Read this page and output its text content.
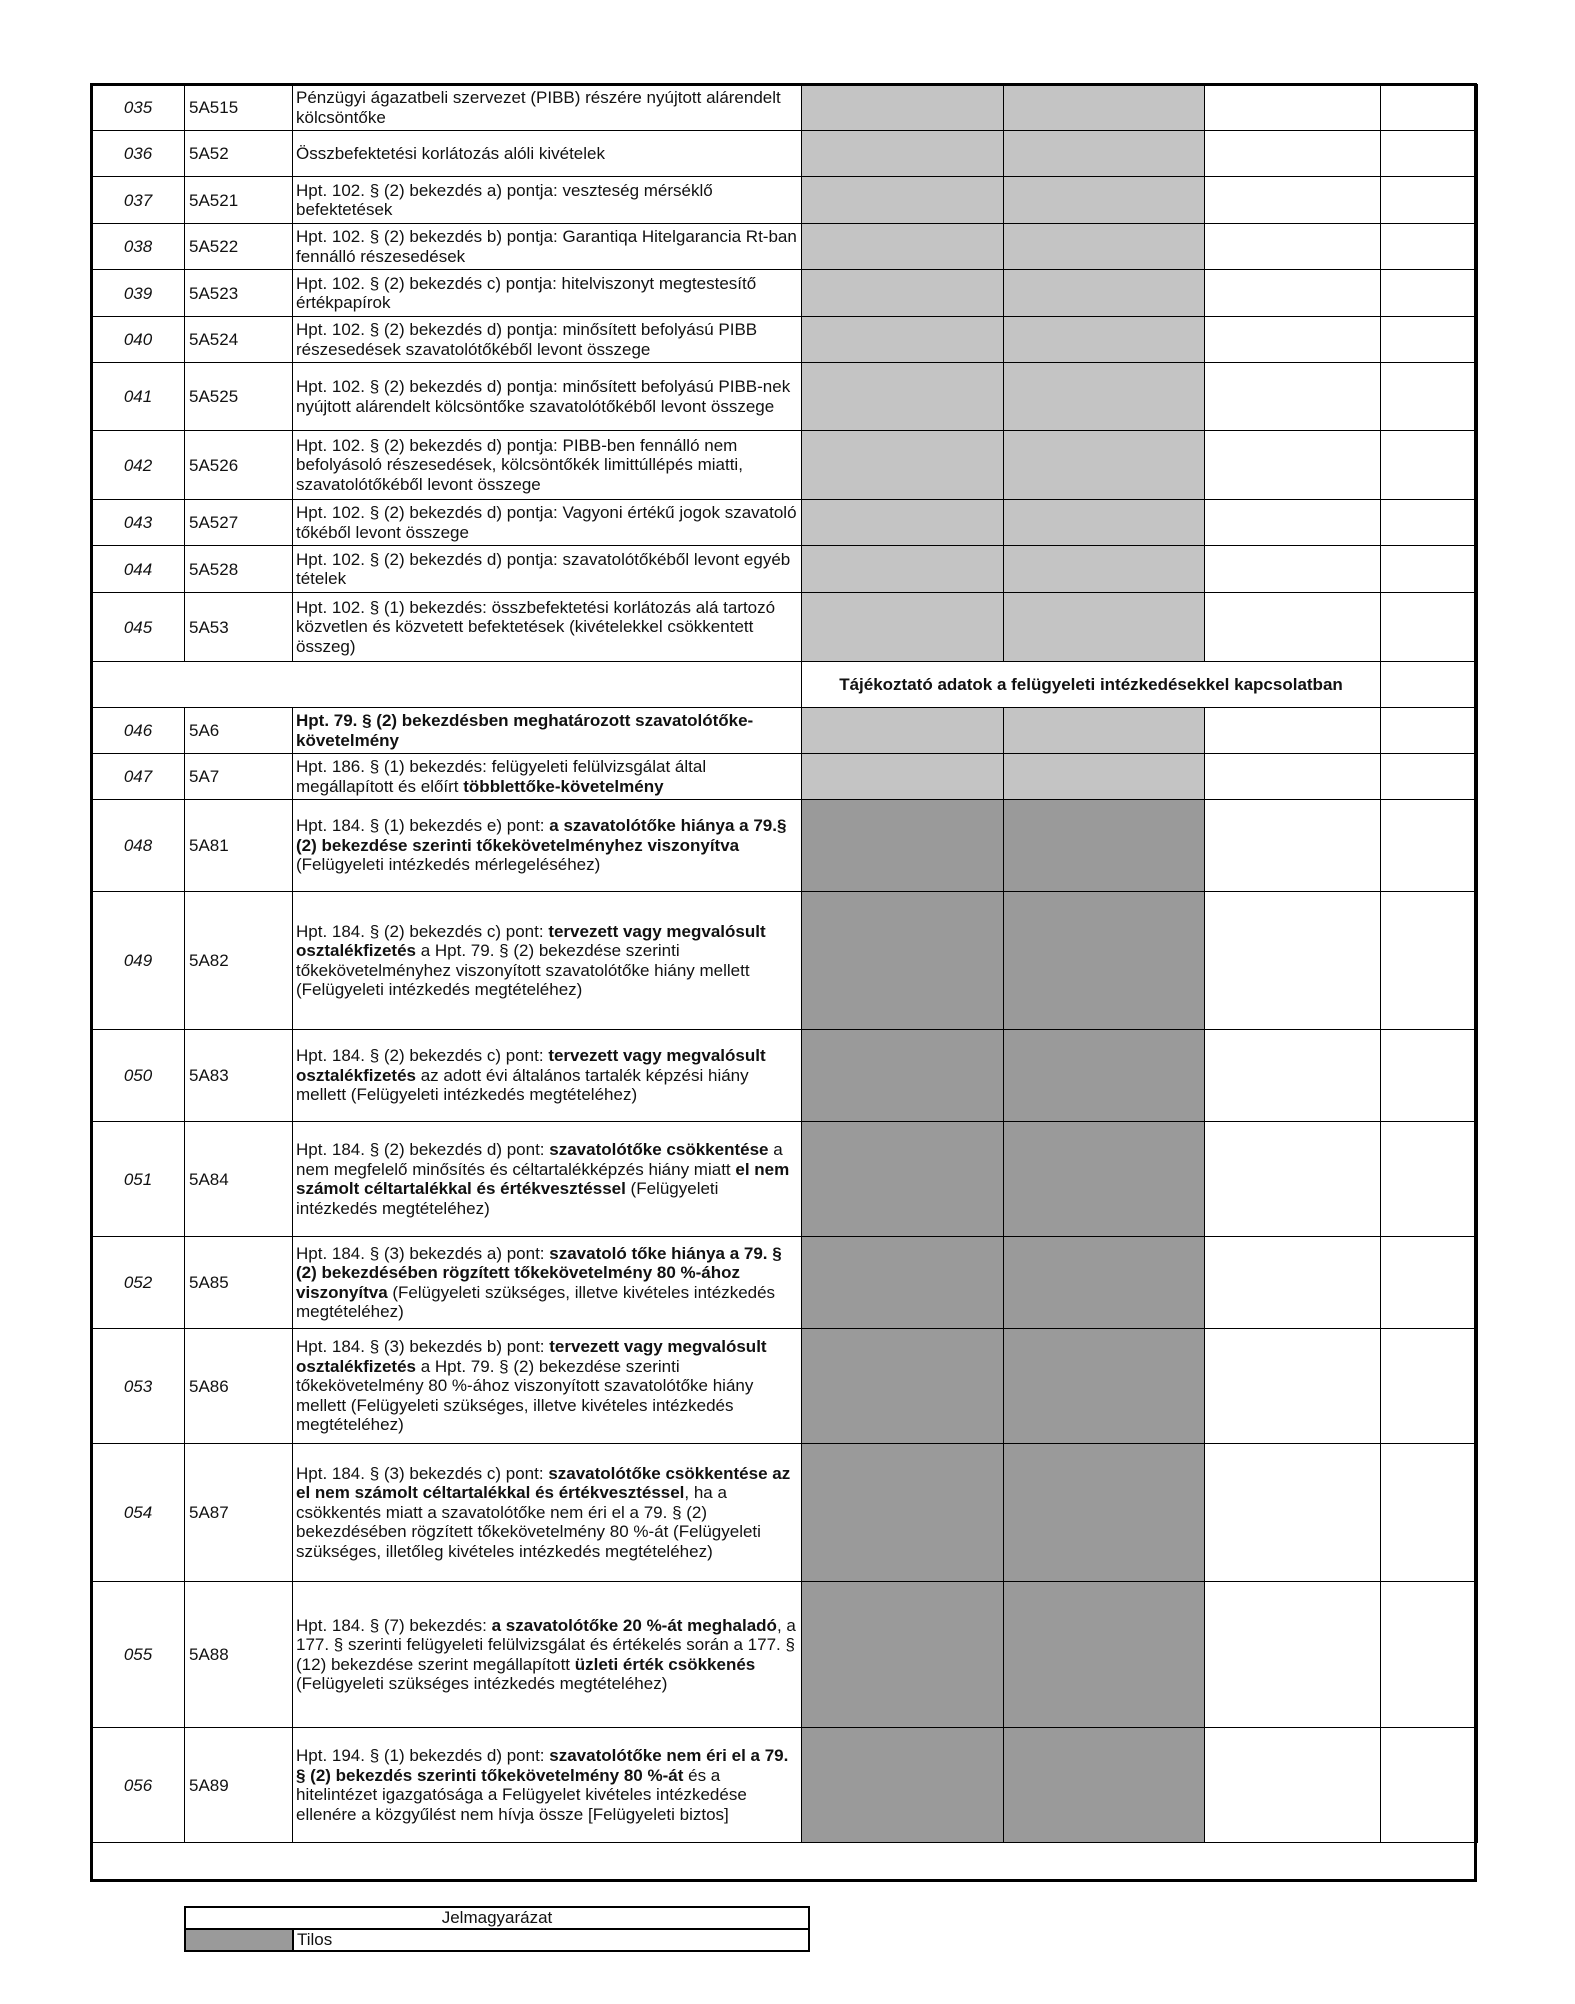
035	5A515	Pénzügyi ágazatbeli szervezet (PIBB) részére nyújtott alárendelt kölcsöntőke				
036	5A52	Összbefektetési korlátozás alóli kivételek				
037	5A521	Hpt. 102. § (2) bekezdés a) pontja: veszteség mérséklő befektetések				
038	5A522	Hpt. 102. § (2) bekezdés b) pontja: Garantiqa Hitelgarancia Rt-ban fennálló részesedések				
039	5A523	Hpt. 102. § (2) bekezdés c) pontja: hitelviszonyt megtestesítő értékpapírok				
040	5A524	Hpt. 102. § (2) bekezdés d) pontja: minősített befolyású PIBB részesedések szavatolótőkéből levont összege				
041	5A525	Hpt. 102. § (2) bekezdés d) pontja: minősített befolyású PIBB-nek nyújtott alárendelt kölcsöntőke szavatolótőkéből levont összege				
042	5A526	Hpt. 102. § (2) bekezdés d) pontja: PIBB-ben fennálló nem befolyásoló részesedések, kölcsöntőkék limittúllépés miatti, szavatolótőkéből levont összege				
043	5A527	Hpt. 102. § (2) bekezdés d) pontja: Vagyoni értékű jogok szavatoló tőkéből levont összege				
044	5A528	Hpt. 102. § (2) bekezdés d) pontja: szavatolótőkéből levont egyéb tételek				
045	5A53	Hpt. 102. § (1) bekezdés: összbefektetési korlátozás alá tartozó közvetlen és közvetett befektetések (kivételekkel csökkentett összeg)				
			Tájékoztató adatok a felügyeleti intézkedésekkel kapcsolatban			
046	5A6	Hpt. 79. § (2) bekezdésben meghatározott szavatolótőke-követelmény				
047	5A7	Hpt. 186. § (1) bekezdés: felügyeleti felülvizsgálat által megállapított és előírt többlettőke-követelmény				
048	5A81	Hpt. 184. § (1) bekezdés e) pont: a szavatolótőke hiánya a 79.§ (2) bekezdése szerinti tőkekövetelményhez viszonyítva (Felügyeleti intézkedés mérlegeléséhez)				
049	5A82	Hpt. 184. § (2) bekezdés c) pont: tervezett vagy megvalósult osztalékfizetés a Hpt. 79. § (2) bekezdése szerinti tőkekövetelményhez viszonyított szavatolótőke hiány mellett (Felügyeleti intézkedés megtételéhez)				
050	5A83	Hpt. 184. § (2) bekezdés c) pont: tervezett vagy megvalósult osztalékfizetés az adott évi általános tartalék képzési hiány mellett (Felügyeleti intézkedés megtételéhez)				
051	5A84	Hpt. 184. § (2) bekezdés d) pont: szavatolótőke csökkentése a nem megfelelő minősítés és céltartalékképzés hiány miatt el nem számolt céltartalékkal és értékvesztéssel (Felügyeleti intézkedés megtételéhez)				
052	5A85	Hpt. 184. § (3) bekezdés a) pont: szavatoló tőke hiánya a 79. § (2) bekezdésében rögzített tőkekövetelmény 80 %-ához viszonyítva (Felügyeleti szükséges, illetve kivételes intézkedés megtételéhez)				
053	5A86	Hpt. 184. § (3) bekezdés b) pont: tervezett vagy megvalósult osztalékfizetés a Hpt. 79. § (2) bekezdése szerinti tőkekövetelmény 80 %-ához viszonyított szavatolótőke hiány mellett (Felügyeleti szükséges, illetve kivételes intézkedés megtételéhez)				
054	5A87	Hpt. 184. § (3) bekezdés c) pont: szavatolótőke csökkentése az el nem számolt céltartalékkal és értékvesztéssel, ha a csökkentés miatt a szavatolótőke nem éri el a 79. § (2) bekezdésében rögzített tőkekövetelmény 80 %-át (Felügyeleti szükséges, illetőleg kivételes intézkedés megtételéhez)				
055	5A88	Hpt. 184. § (7) bekezdés: a szavatolótőke 20 %-át meghaladó, a 177. § szerinti felügyeleti felülvizsgálat és értékelés során a 177. § (12) bekezdése szerint megállapított üzleti érték csökkenés (Felügyeleti szükséges intézkedés megtételéhez)				
056	5A89	Hpt. 194. § (1) bekezdés d) pont: szavatolótőke nem éri el a 79. § (2) bekezdés szerinti tőkekövetelmény 80 %-át és a hitelintézet igazgatósága a Felügyelet kivételes intézkedése ellenére a közgyűlést nem hívja össze [Felügyeleti biztos]				
Jelmagyarázat
	Tilos
